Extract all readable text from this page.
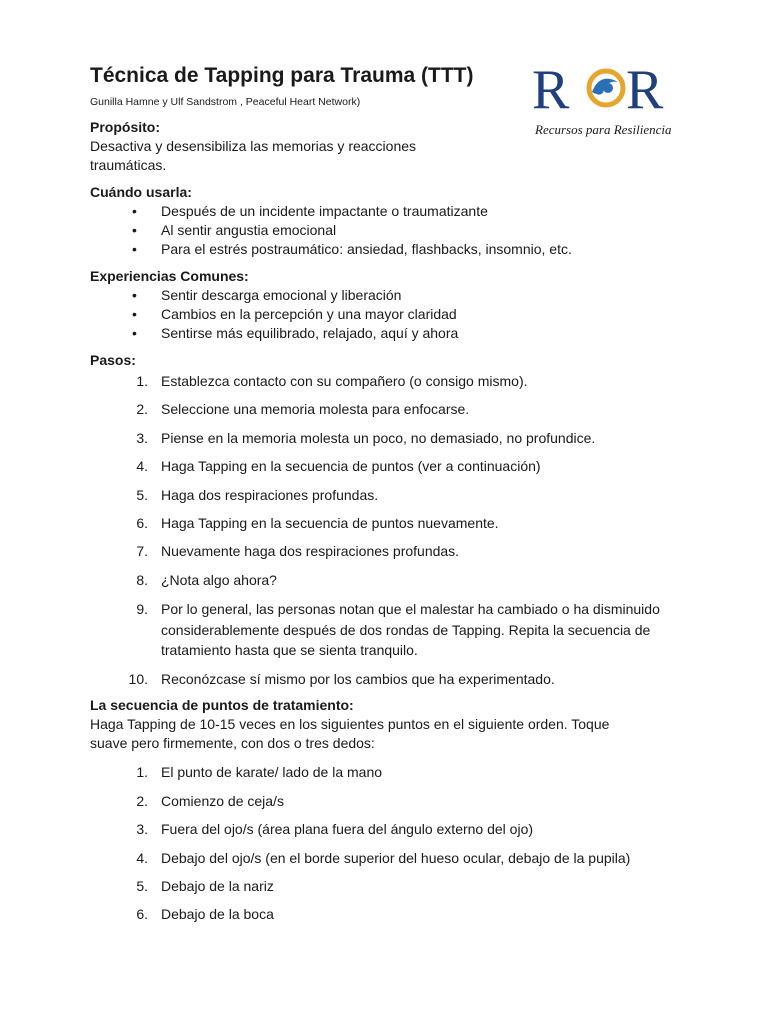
Técnica de Tapping para Trauma (TTT)
Gunilla Hamne y Ulf Sandstrom , Peaceful Heart Network)	R R
Recursos para Resiliencia

Propósito:

Desactiva y desensibiliza las memorias y reacciones

traumáticas.

Cuándo usarla:

• Después de un incidente impactante o traumatizante
• Al sentir angustia emocional
• Para el estrés postraumático: ansiedad, flashbacks, insomnio, etc.

Experiencias Comunes:

• Sentir descarga emocional y liberación
• Cambios en la percepción y una mayor claridad
• Sentirse más equilibrado, relajado, aquí y ahora

Pasos:

1. Establezca contacto con su compañero (o consigo mismo).
2. Seleccione una memoria molesta para enfocarse.
3. Piense en la memoria molesta un poco, no demasiado, no profundice.
4. Haga Tapping en la secuencia de puntos (ver a continuación)
5. Haga dos respiraciones profundas.
6. Haga Tapping en la secuencia de puntos nuevamente.
7. Nuevamente haga dos respiraciones profundas.
8. ¿Nota algo ahora?
9. Por lo general, las personas notan que el malestar ha cambiado o ha disminuido considerablemente después de dos rondas de Tapping. Repita la secuencia de tratamiento hasta que se sienta tranquilo.
10. Reconózcase sí mismo por los cambios que ha experimentado.

La secuencia de puntos de tratamiento:

Haga Tapping de 10-15 veces en los siguientes puntos en el siguiente orden. Toque

suave pero firmemente, con dos o tres dedos:

1. El punto de karate/ lado de la mano
2. Comienzo de ceja/s
3. Fuera del ojo/s (área plana fuera del ángulo externo del ojo)
4. Debajo del ojo/s (en el borde superior del hueso ocular, debajo de la pupila)
5. Debajo de la nariz
6. Debajo de la boca
